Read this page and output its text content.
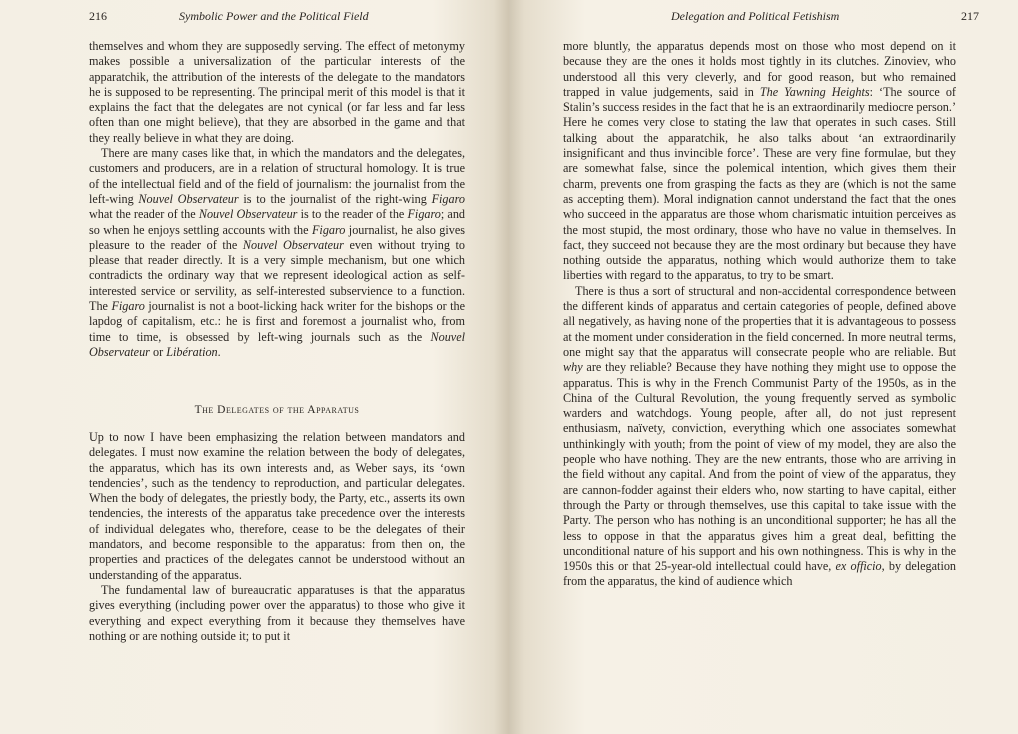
216	Symbolic Power and the Political Field

themselves and whom they are supposedly serving. The effect of metonymy makes possible a universalization of the particular interests of the apparatchik, the attribution of the interests of the delegate to the mandators he is supposed to be representing. The principal merit of this model is that it explains the fact that the delegates are not cynical (or far less and far less often than one might believe), that they are absorbed in the game and that they really believe in what they are doing.

There are many cases like that, in which the mandators and the delegates, customers and producers, are in a relation of structural homology. It is true of the intellectual field and of the field of journalism: the journalist from the left-wing Nouvel Observateur is to the journalist of the right-wing Figaro what the reader of the Nouvel Observateur is to the reader of the Figaro; and so when he enjoys settling accounts with the Figaro journalist, he also gives pleasure to the reader of the Nouvel Observateur even without trying to please that reader directly. It is a very simple mechanism, but one which contradicts the ordinary way that we represent ideological action as self-interested service or servility, as self-interested subservience to a function. The Figaro journalist is not a boot-licking hack writer for the bishops or the lapdog of capitalism, etc.: he is first and foremost a journalist who, from time to time, is obsessed by left-wing journals such as the Nouvel Observateur or Libération.

The Delegates of the Apparatus

Up to now I have been emphasizing the relation between mandators and delegates. I must now examine the relation between the body of delegates, the apparatus, which has its own interests and, as Weber says, its ‘own tendencies’, such as the tendency to reproduction, and particular delegates. When the body of delegates, the priestly body, the Party, etc., asserts its own tendencies, the interests of the apparatus take precedence over the interests of individual delegates who, therefore, cease to be the delegates of their mandators, and become responsible to the apparatus: from then on, the properties and practices of the delegates cannot be understood without an understanding of the apparatus.

The fundamental law of bureaucratic apparatuses is that the apparatus gives everything (including power over the apparatus) to those who give it everything and expect everything from it because they themselves have nothing or are nothing outside it; to put it

Delegation and Political Fetishism	217

more bluntly, the apparatus depends most on those who most depend on it because they are the ones it holds most tightly in its clutches. Zinoviev, who understood all this very cleverly, and for good reason, but who remained trapped in value judgements, said in The Yawning Heights: ‘The source of Stalin’s success resides in the fact that he is an extraordinarily mediocre person.’ Here he comes very close to stating the law that operates in such cases. Still talking about the apparatchik, he also talks about ‘an extraordinarily insignificant and thus invincible force’. These are very fine formulae, but they are somewhat false, since the polemical intention, which gives them their charm, prevents one from grasping the facts as they are (which is not the same as accepting them). Moral indignation cannot understand the fact that the ones who succeed in the apparatus are those whom charismatic intuition perceives as the most stupid, the most ordinary, those who have no value in themselves. In fact, they succeed not because they are the most ordinary but because they have nothing outside the apparatus, nothing which would authorize them to take liberties with regard to the apparatus, to try to be smart.

There is thus a sort of structural and non-accidental correspondence between the different kinds of apparatus and certain categories of people, defined above all negatively, as having none of the properties that it is advantageous to possess at the moment under consideration in the field concerned. In more neutral terms, one might say that the apparatus will consecrate people who are reliable. But why are they reliable? Because they have nothing they might use to oppose the apparatus. This is why in the French Communist Party of the 1950s, as in the China of the Cultural Revolution, the young frequently served as symbolic warders and watchdogs. Young people, after all, do not just represent enthusiasm, naïvety, conviction, everything which one associates somewhat unthinkingly with youth; from the point of view of my model, they are also the people who have nothing. They are the new entrants, those who are arriving in the field without any capital. And from the point of view of the apparatus, they are cannon-fodder against their elders who, now starting to have capital, either through the Party or through themselves, use this capital to take issue with the Party. The person who has nothing is an unconditional supporter; he has all the less to oppose in that the apparatus gives him a great deal, befitting the unconditional nature of his support and his own nothingness. This is why in the 1950s this or that 25-year-old intellectual could have, ex officio, by delegation from the apparatus, the kind of audience which
